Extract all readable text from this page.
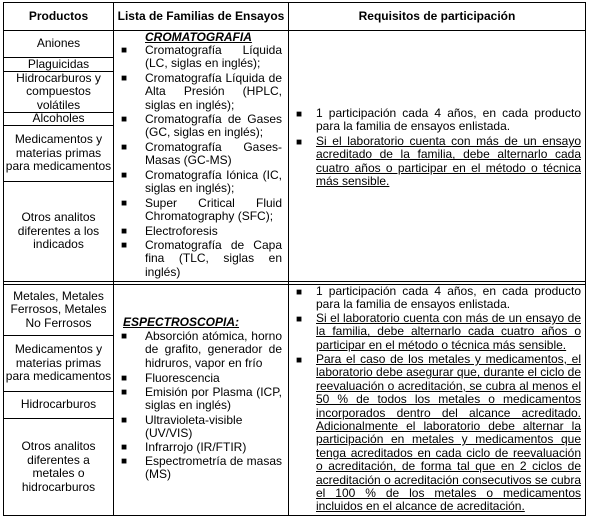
Productos	Lista de Familias de Ensayos	Requisitos de participación
Aniones
Plaguicidas
Hidrocarburos y compuestos volátiles
Alcoholes
Medicamentos y materias primas para medicamentos
Otros analitos diferentes a los indicados
CROMATOGRAFIA
■ Cromatografía Líquida (LC, siglas en inglés);
■ Cromatografía Líquida de Alta Presión (HPLC, siglas en inglés);
■ Cromatografía de Gases (GC, siglas en inglés);
■ Cromatografía Gases-Masas (GC-MS)
■ Cromatografía Iónica (IC, siglas en inglés);
■ Super Critical Fluid Chromatography (SFC);
■ Electroforesis
■ Cromatografía de Capa fina (TLC, siglas en inglés)
■ 1 participación cada 4 años, en cada producto para la familia de ensayos enlistada.
■ Si el laboratorio cuenta con más de un ensayo acreditado de la familia, debe alternarlo cada cuatro años o participar en el método o técnica más sensible.
Metales, Metales Ferrosos, Metales No Ferrosos
Medicamentos y materias primas para medicamentos
Hidrocarburos
Otros analitos diferentes a metales o hidrocarburos
ESPECTROSCOPIA:
■ Absorción atómica, horno de grafito, generador de hidruros, vapor en frío
■ Fluorescencia
■ Emisión por Plasma (ICP, siglas en inglés)
■ Ultravioleta-visible (UV/VIS)
■ Infrarrojo (IR/FTIR)
■ Espectrometría de masas (MS)
■ 1 participación cada 4 años, en cada producto para la familia de ensayos enlistada.
■ Si el laboratorio cuenta con más de un ensayo de la familia, debe alternarlo cada cuatro años o participar en el método o técnica más sensible.
■ Para el caso de los metales y medicamentos, el laboratorio debe asegurar que, durante el ciclo de reevaluación o acreditación, se cubra al menos el 50 % de todos los metales o medicamentos incorporados dentro del alcance acreditado. Adicionalmente el laboratorio debe alternar la participación en metales y medicamentos que tenga acreditados en cada ciclo de reevaluación o acreditación, de forma tal que en 2 ciclos de acreditación o acreditación consecutivos se cubra el 100 % de los metales o medicamentos incluidos en el alcance de acreditación.
